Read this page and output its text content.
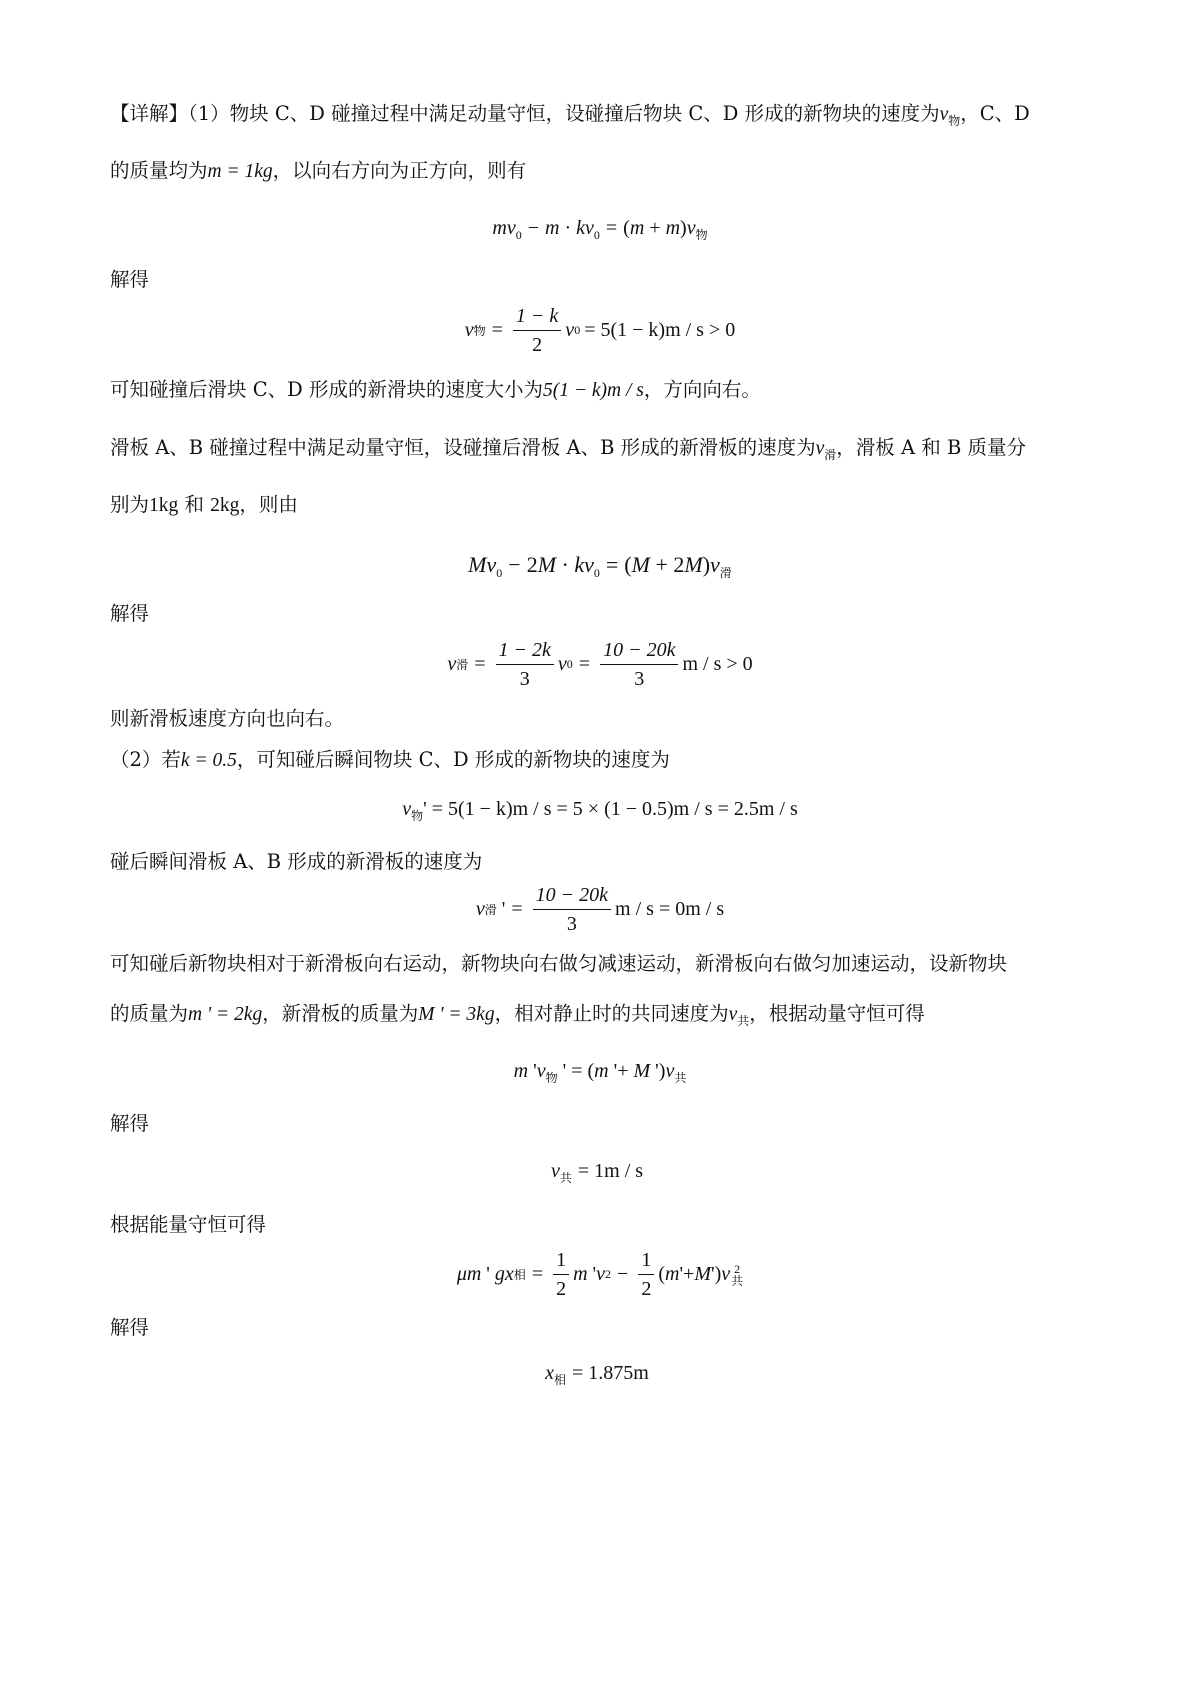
【详解】（1）物块 C、D 碰撞过程中满足动量守恒，设碰撞后物块 C、D 形成的新物块的速度为$v_物$，C、D
的质量均为m = 1kg，以向右方向为正方向，则有
$mv_0 - m \cdot kv_0 = (m + m)v_物$
解得
v 物 = $\frac{1 - k}{2}$ v 0 = 5(1 − k)m / s > 0
可知碰撞后滑块 C、D 形成的新滑块的速度大小为5(1 − k)m / s，方向向右。
滑板 A、B 碰撞过程中满足动量守恒，设碰撞后滑板 A、B 形成的新滑板的速度为$v_滑$，滑板 A 和 B 质量分
别为1kg 和 2kg，则由
$Mv_0 - 2M \cdot kv_0 = (M + 2M)v_滑$
解得
v 滑 = $\frac{1 - 2k}{3}$ v $0 = \frac{10 - 20k}{3}$ m / s > 0
则新滑板速度方向也向右。
（2）若k = 0.5，可知碰后瞬间物块 C、D 形成的新物块的速度为
$v_物' = 5(1 - k)m / s = 5 \times (1 - 0.5)m / s = 2.5m / s$
碰后瞬间滑板 A、B 形成的新滑板的速度为
v 滑 ' = $\frac{10 - 20k}{3}$ m / s = 0m / s
可知碰后新物块相对于新滑板向右运动，新物块向右做匀减速运动，新滑板向右做匀加速运动，设新物块
的质量为m ' = 2kg，新滑板的质量为M ' = 3kg，相对静止时的共同速度为$v_共$，根据动量守恒可得
m '$v_物$ ' = (m '+ M ')$v_共$
解得
$v_共 = 1m / s$
根据能量守恒可得
μm ' gx 相 = $\frac{1}{2}$ m ' v $2 - \frac{1}{2}$ ( m '+ M ') v 2
共
解得
$x_相 = 1.875m$
